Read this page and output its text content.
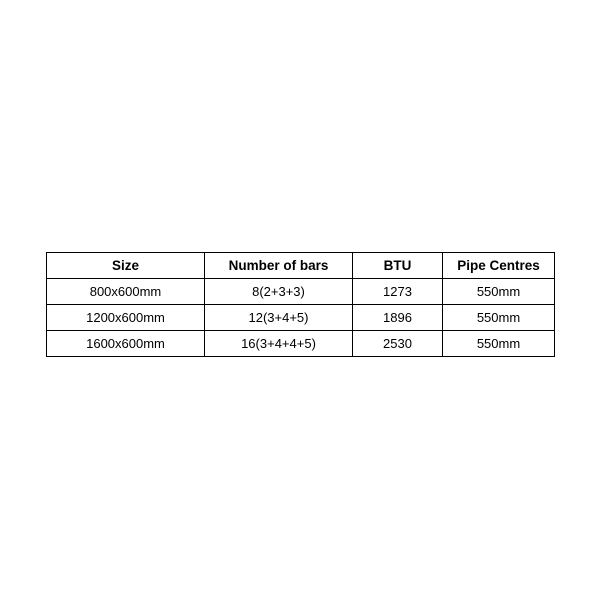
Size	Number of bars	BTU	Pipe Centres
800x600mm	8(2+3+3)	1273	550mm
1200x600mm	12(3+4+5)	1896	550mm
1600x600mm	16(3+4+4+5)	2530	550mm
